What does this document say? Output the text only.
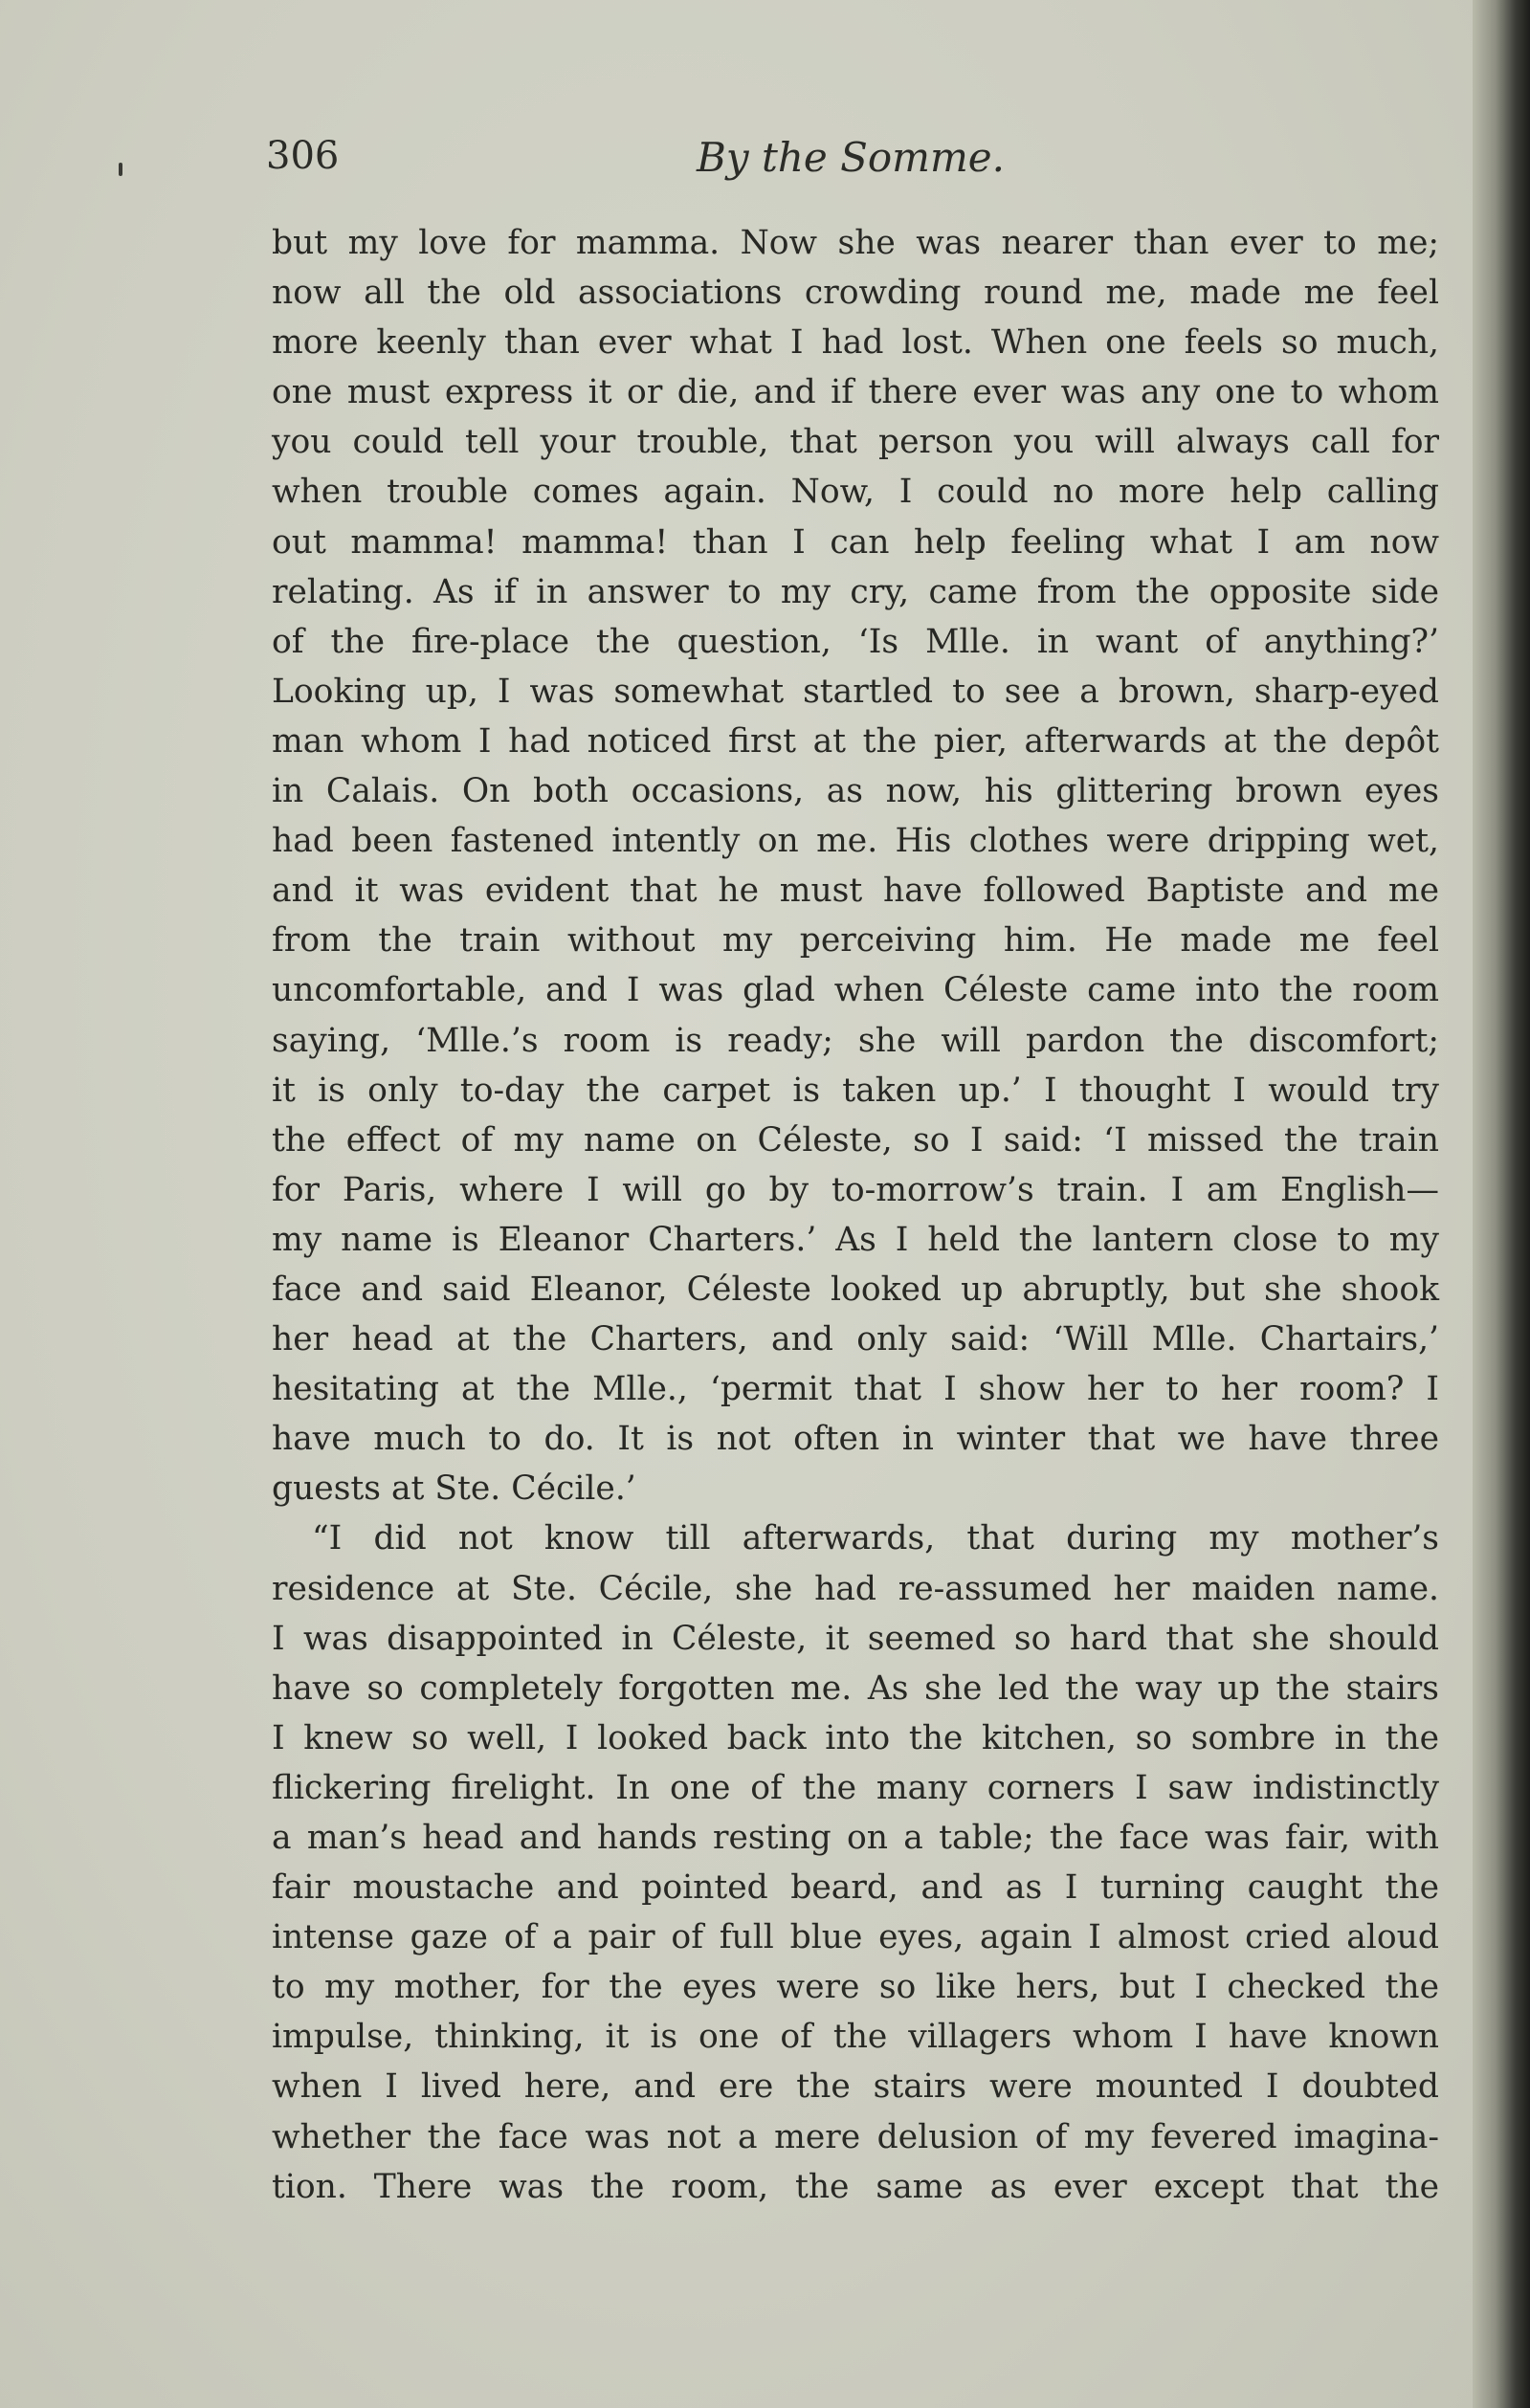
306	By the Somme.
but my love for mamma. Now she was nearer than ever to me;
now all the old associations crowding round me, made me feel
more keenly than ever what I had lost. When one feels so much,
one must express it or die, and if there ever was any one to whom
you could tell your trouble, that person you will always call for
when trouble comes again. Now, I could no more help calling
out mamma! mamma! than I can help feeling what I am now
relating. As if in answer to my cry, came from the opposite side
of the fire-place the question, ‘Is Mlle. in want of anything?’
Looking up, I was somewhat startled to see a brown, sharp-eyed
man whom I had noticed first at the pier, afterwards at the depôt
in Calais. On both occasions, as now, his glittering brown eyes
had been fastened intently on me. His clothes were dripping wet,
and it was evident that he must have followed Baptiste and me
from the train without my perceiving him. He made me feel
uncomfortable, and I was glad when Céleste came into the room
saying, ‘Mlle.’s room is ready; she will pardon the discomfort;
it is only to-day the carpet is taken up.’ I thought I would try
the effect of my name on Céleste, so I said: ‘I missed the train
for Paris, where I will go by to-morrow’s train. I am English—
my name is Eleanor Charters.’ As I held the lantern close to my
face and said Eleanor, Céleste looked up abruptly, but she shook
her head at the Charters, and only said: ‘Will Mlle. Chartairs,’
hesitating at the Mlle., ‘permit that I show her to her room? I
have much to do. It is not often in winter that we have three
guests at Ste. Cécile.’
“I did not know till afterwards, that during my mother’s
residence at Ste. Cécile, she had re-assumed her maiden name.
I was disappointed in Céleste, it seemed so hard that she should
have so completely forgotten me. As she led the way up the stairs
I knew so well, I looked back into the kitchen, so sombre in the
flickering firelight. In one of the many corners I saw indistinctly
a man’s head and hands resting on a table; the face was fair, with
fair moustache and pointed beard, and as I turning caught the
intense gaze of a pair of full blue eyes, again I almost cried aloud
to my mother, for the eyes were so like hers, but I checked the
impulse, thinking, it is one of the villagers whom I have known
when I lived here, and ere the stairs were mounted I doubted
whether the face was not a mere delusion of my fevered imagina-
tion. There was the room, the same as ever except that the
